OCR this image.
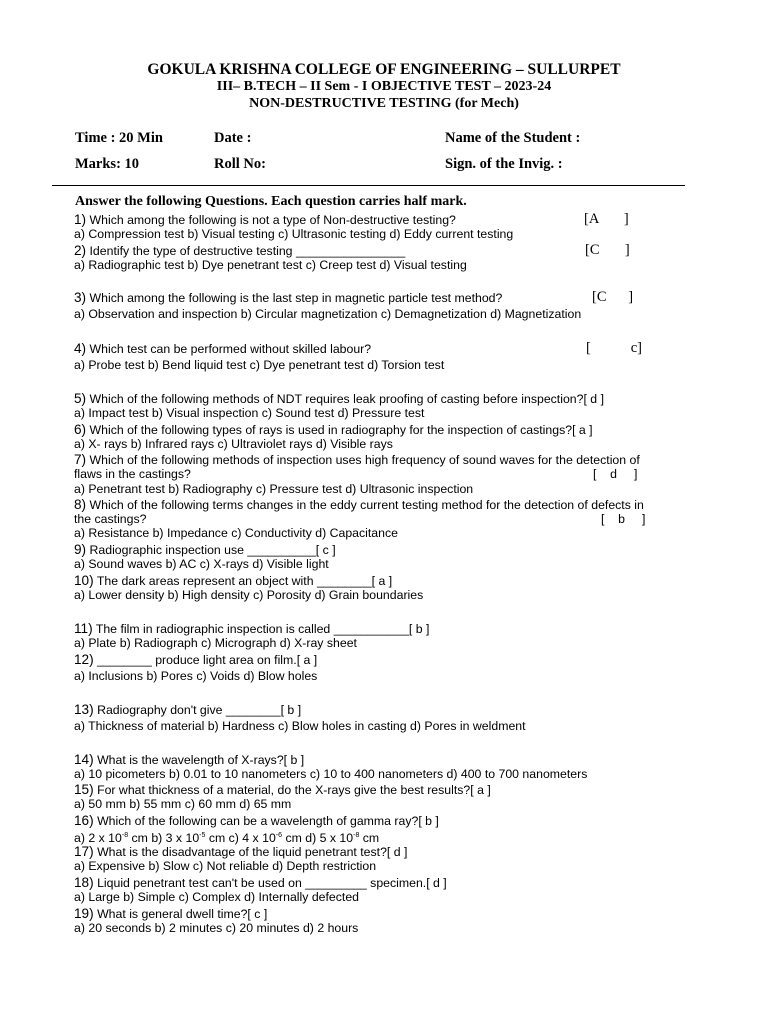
GOKULA KRISHNA COLLEGE OF ENGINEERING – SULLURPET
III– B.TECH – II Sem - I OBJECTIVE TEST – 2023-24
NON-DESTRUCTIVE TESTING (for Mech)
Time : 20 Min	Date :	Name of the Student :
Marks: 10	Roll No:	Sign. of the Invig. :
Answer the following Questions. Each question carries half mark.
1) Which among the following is not a type of Non-destructive testing?
a) Compression test b) Visual testing c) Ultrasonic testing d) Eddy current testing
[A       ]
2) Identify the type of destructive testing ________________
a) Radiographic test b) Dye penetrant test c) Creep test d) Visual testing
[C       ]
3) Which among the following is the last step in magnetic particle test method?
a) Observation and inspection b) Circular magnetization c) Demagnetization d) Magnetization
[C      ]
4) Which test can be performed without skilled labour?
a) Probe test b) Bend liquid test c) Dye penetrant test d) Torsion test
[           c]
5) Which of the following methods of NDT requires leak proofing of casting before inspection?[ d ]
a) Impact test b) Visual inspection c) Sound test d) Pressure test
6) Which of the following types of rays is used in radiography for the inspection of castings?[ a ]
a) X- rays b) Infrared rays c) Ultraviolet rays d) Visible rays
7) Which of the following methods of inspection uses high frequency of sound waves for the detection of
flaws in the castings?	[    d     ]
a) Penetrant test b) Radiography c) Pressure test d) Ultrasonic inspection
8) Which of the following terms changes in the eddy current testing method for the detection of defects in
the castings?	[    b     ]
a) Resistance b) Impedance c) Conductivity d) Capacitance
9) Radiographic inspection use __________[ c ]
a) Sound waves b) AC c) X-rays d) Visible light
10) The dark areas represent an object with ________[ a ]
a) Lower density b) High density c) Porosity d) Grain boundaries
11) The film in radiographic inspection is called ___________[ b ]
a) Plate b) Radiograph c) Micrograph d) X-ray sheet
12) ________ produce light area on film.[ a ]
a) Inclusions b) Pores c) Voids d) Blow holes
13) Radiography don't give ________[ b ]
a) Thickness of material b) Hardness c) Blow holes in casting d) Pores in weldment
14) What is the wavelength of X-rays?[ b ]
a) 10 picometers b) 0.01 to 10 nanometers c) 10 to 400 nanometers d) 400 to 700 nanometers
15) For what thickness of a material, do the X-rays give the best results?[ a ]
a) 50 mm b) 55 mm c) 60 mm d) 65 mm
16) Which of the following can be a wavelength of gamma ray?[ b ]
a) 2 x $10^{-8}$ cm b) 3 x $10^{-5}$ cm c) 4 x $10^{-6}$ cm d) 5 x $10^{-8}$ cm
17) What is the disadvantage of the liquid penetrant test?[ d ]
a) Expensive b) Slow c) Not reliable d) Depth restriction
18) Liquid penetrant test can't be used on _________ specimen.[ d ]
a) Large b) Simple c) Complex d) Internally defected
19) What is general dwell time?[ c ]
a) 20 seconds b) 2 minutes c) 20 minutes d) 2 hours
